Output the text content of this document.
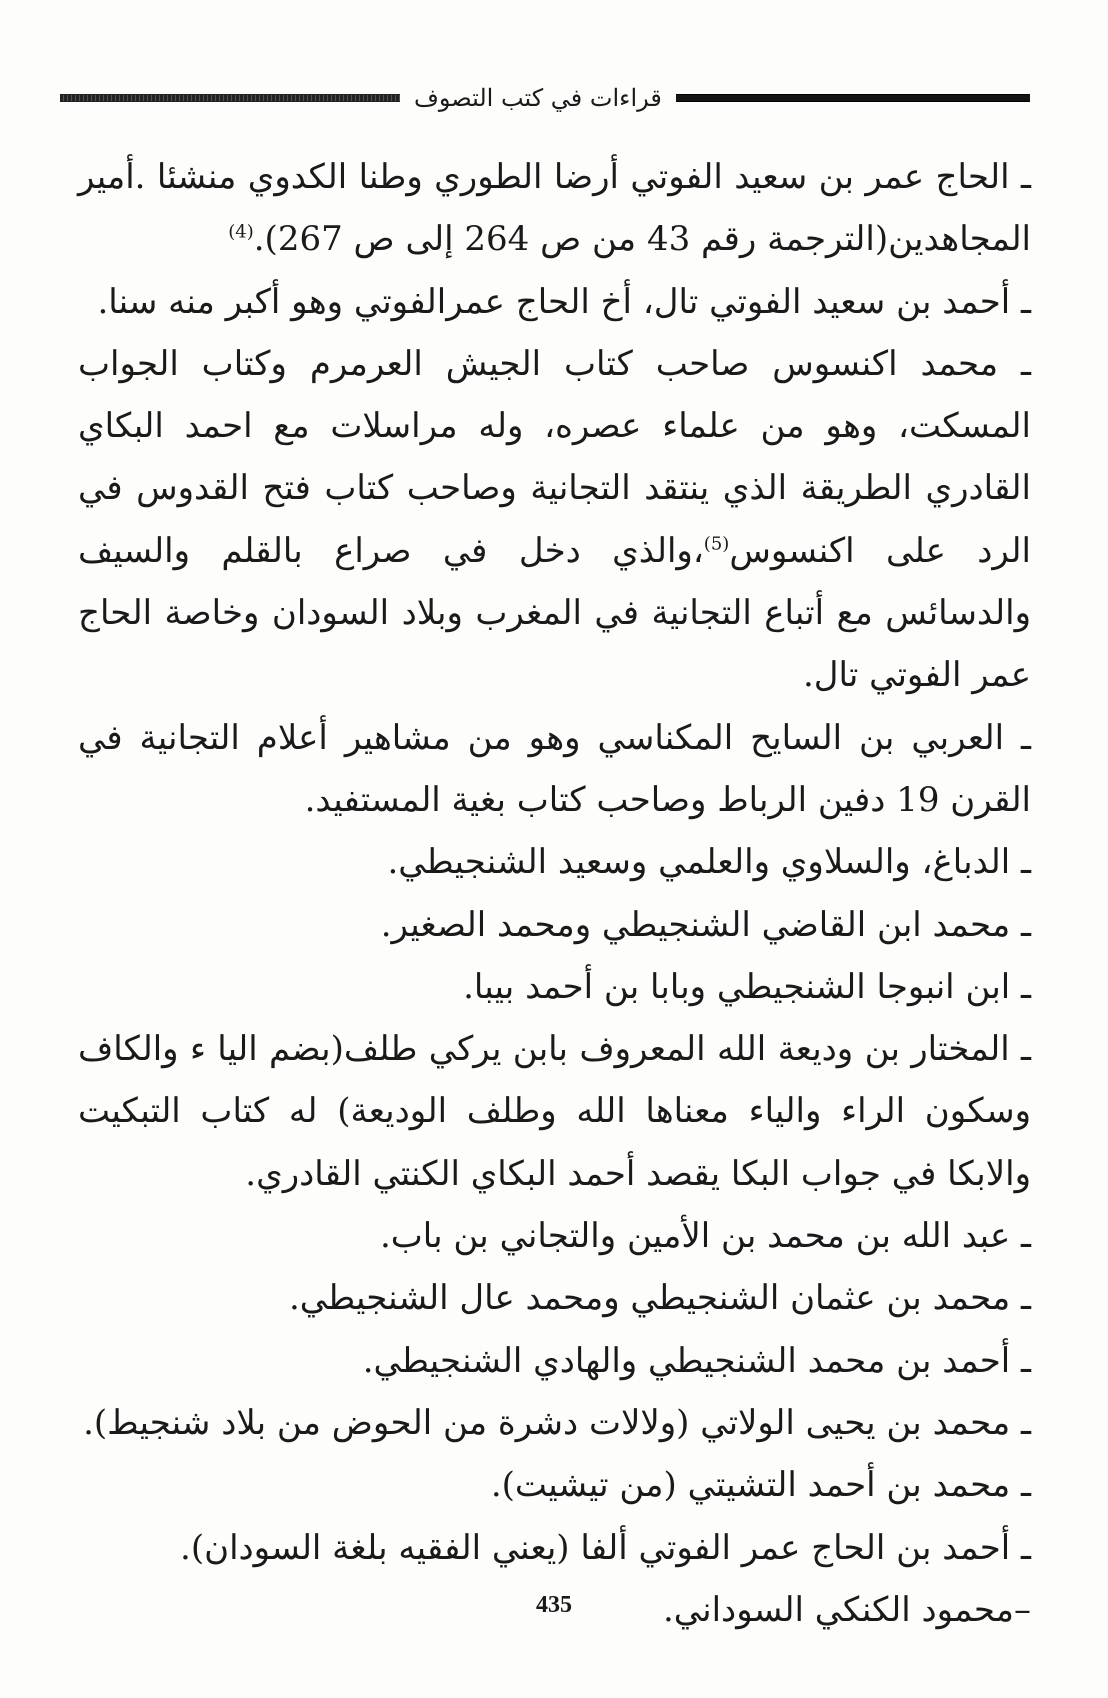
قراءات في كتب التصوف

ـ الحاج عمر بن سعيد الفوتي أرضا الطوري وطنا الكدوي منشئا .أمير المجاهدين(الترجمة رقم 43 من ص 264 إلى ص 267).$^{(4)}$

ـ أحمد بن سعيد الفوتي تال، أخ الحاج عمرالفوتي وهو أكبر منه سنا.

ـ محمد اكنسوس صاحب كتاب الجيش العرمرم وكتاب الجواب المسكت، وهو من علماء عصره، وله مراسلات مع احمد البكاي القادري الطريقة الذي ينتقد التجانية وصاحب كتاب فتح القدوس في الرد على اكنسوس$^{(5)}$،والذي دخل في صراع بالقلم والسيف والدسائس مع أتباع التجانية في المغرب وبلاد السودان وخاصة الحاج عمر الفوتي تال.

ـ العربي بن السايح المكناسي وهو من مشاهير أعلام التجانية في القرن 19 دفين الرباط وصاحب كتاب بغية المستفيد.

ـ الدباغ، والسلاوي والعلمي وسعيد الشنجيطي.

ـ محمد ابن القاضي الشنجيطي ومحمد الصغير.

ـ ابن انبوجا الشنجيطي وبابا بن أحمد بيبا.

ـ المختار بن وديعة الله المعروف بابن يركي طلف(بضم اليا ء والكاف وسكون الراء والياء معناها الله وطلف الوديعة) له كتاب التبكيت والابكا في جواب البكا يقصد أحمد البكاي الكنتي القادري.

ـ عبد الله بن محمد بن الأمين والتجاني بن باب.

ـ محمد بن عثمان الشنجيطي ومحمد عال الشنجيطي.

ـ أحمد بن محمد الشنجيطي والهادي الشنجيطي.

ـ محمد بن يحيى الولاتي (ولالات دشرة من الحوض من بلاد شنجيط).

ـ محمد بن أحمد التشيتي (من تيشيت).

ـ أحمد بن الحاج عمر الفوتي ألفا (يعني الفقيه بلغة السودان).

–محمود الكنكي السوداني.

435
